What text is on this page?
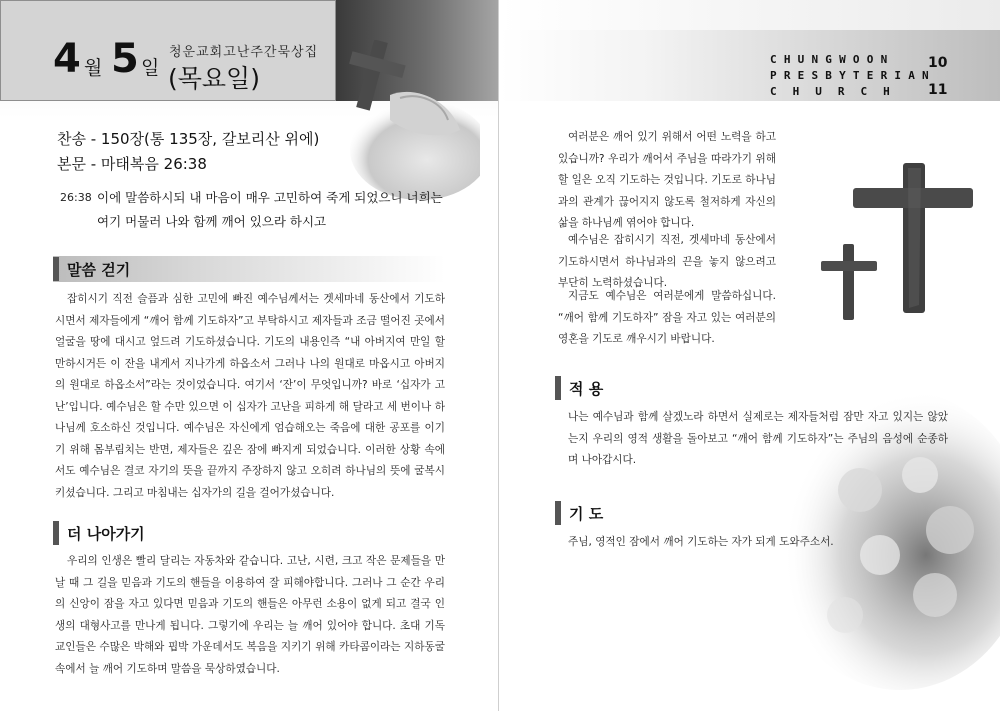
4 월 5 일
청운교회고난주간묵상집
(목요일)
찬송 - 150장(통 135장, 갈보리산 위에)
본문 - 마태복음 26:38
26:38 이에 말씀하시되 내 마음이 매우 고민하여 죽게 되었으니 너희는 여기 머물러 나와 함께 깨어 있으라 하시고
말씀 걷기

잡히시기 직전 슬픔과 심한 고민에 빠진 예수님께서는 겟세마네 동산에서 기도하시면서 제자들에게 “깨어 함께 기도하자”고 부탁하시고 제자들과 조금 떨어진 곳에서 얼굴을 땅에 대시고 엎드려 기도하셨습니다. 기도의 내용인즉 “내 아버지여 만일 할 만하시거든 이 잔을 내게서 지나가게 하옵소서 그러나 나의 원대로 마옵시고 아버지의 원대로 하옵소서”라는 것이었습니다. 여기서 ‘잔’이 무엇입니까? 바로 ‘십자가 고난’입니다. 예수님은 할 수만 있으면 이 십자가 고난을 피하게 해 달라고 세 번이나 하나님께 호소하신 것입니다. 예수님은 자신에게 엄습해오는 죽음에 대한 공포를 이기기 위해 몸부림치는 반면, 제자들은 깊은 잠에 빠지게 되었습니다. 이러한 상황 속에서도 예수님은 결코 자기의 뜻을 끝까지 주장하지 않고 오히려 하나님의 뜻에 굴복시키셨습니다. 그리고 마침내는 십자가의 길을 걸어가셨습니다.

더 나아가기

우리의 인생은 빨리 달리는 자동차와 같습니다. 고난, 시련, 크고 작은 문제들을 만날 때 그 길을 믿음과 기도의 핸들을 이용하여 잘 피해야합니다. 그러나 그 순간 우리의 신앙이 잠을 자고 있다면 믿음과 기도의 핸들은 아무런 소용이 없게 되고 결국 인생의 대형사고를 만나게 됩니다. 그렇기에 우리는 늘 깨어 있어야 합니다. 초대 기독교인들은 수많은 박해와 핍박 가운데서도 복음을 지키기 위해 카타콤이라는 지하동굴 속에서 늘 깨어 기도하며 말씀을 묵상하였습니다.

CHUNGWOON
PRESBYTERIAN
CHURCH
10
11

여러분은 깨어 있기 위해서 어떤 노력을 하고 있습니까? 우리가 깨어서 주님을 따라가기 위해 할 일은 오직 기도하는 것입니다. 기도로 하나님과의 관계가 끊어지지 않도록 철저하게 자신의 삶을 하나님께 엮어야 합니다.

예수님은 잡히시기 직전, 겟세마네 동산에서 기도하시면서 하나님과의 끈을 놓지 않으려고 부단히 노력하셨습니다.

지금도 예수님은 여러분에게 말씀하십니다. “깨어 함께 기도하자” 잠을 자고 있는 여러분의 영혼을 기도로 깨우시기 바랍니다.

적 용

나는 예수님과 함께 살겠노라 하면서 실제로는 제자들처럼 잠만 자고 있지는 않았는지 우리의 영적 생활을 돌아보고 “깨어 함께 기도하자”는 주님의 음성에 순종하며 나아갑시다.

기 도

주님, 영적인 잠에서 깨어 기도하는 자가 되게 도와주소서.
